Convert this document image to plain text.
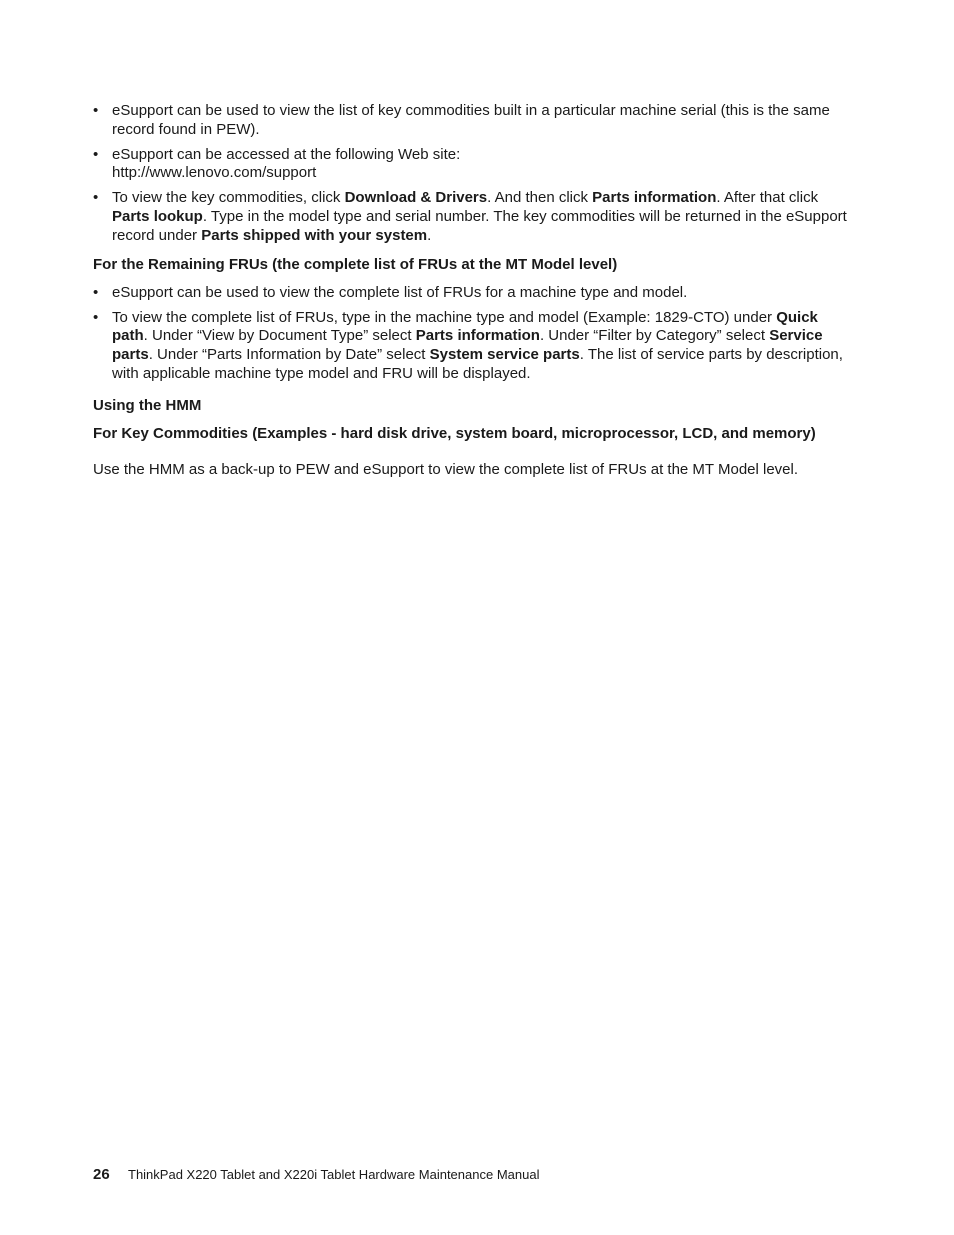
• eSupport can be used to view the list of key commodities built in a particular machine serial (this is the same record found in PEW).
• eSupport can be accessed at the following Web site:
http://www.lenovo.com/support
• To view the key commodities, click Download & Drivers. And then click Parts information. After that click Parts lookup. Type in the model type and serial number. The key commodities will be returned in the eSupport record under Parts shipped with your system.

For the Remaining FRUs (the complete list of FRUs at the MT Model level)

• eSupport can be used to view the complete list of FRUs for a machine type and model.
• To view the complete list of FRUs, type in the machine type and model (Example: 1829-CTO) under Quick path. Under “View by Document Type” select Parts information. Under “Filter by Category” select Service parts. Under “Parts Information by Date” select System service parts. The list of service parts by description, with applicable machine type model and FRU will be displayed.

Using the HMM

For Key Commodities (Examples - hard disk drive, system board, microprocessor, LCD, and memory)

Use the HMM as a back-up to PEW and eSupport to view the complete list of FRUs at the MT Model level.

26 ThinkPad X220 Tablet and X220i Tablet Hardware Maintenance Manual
